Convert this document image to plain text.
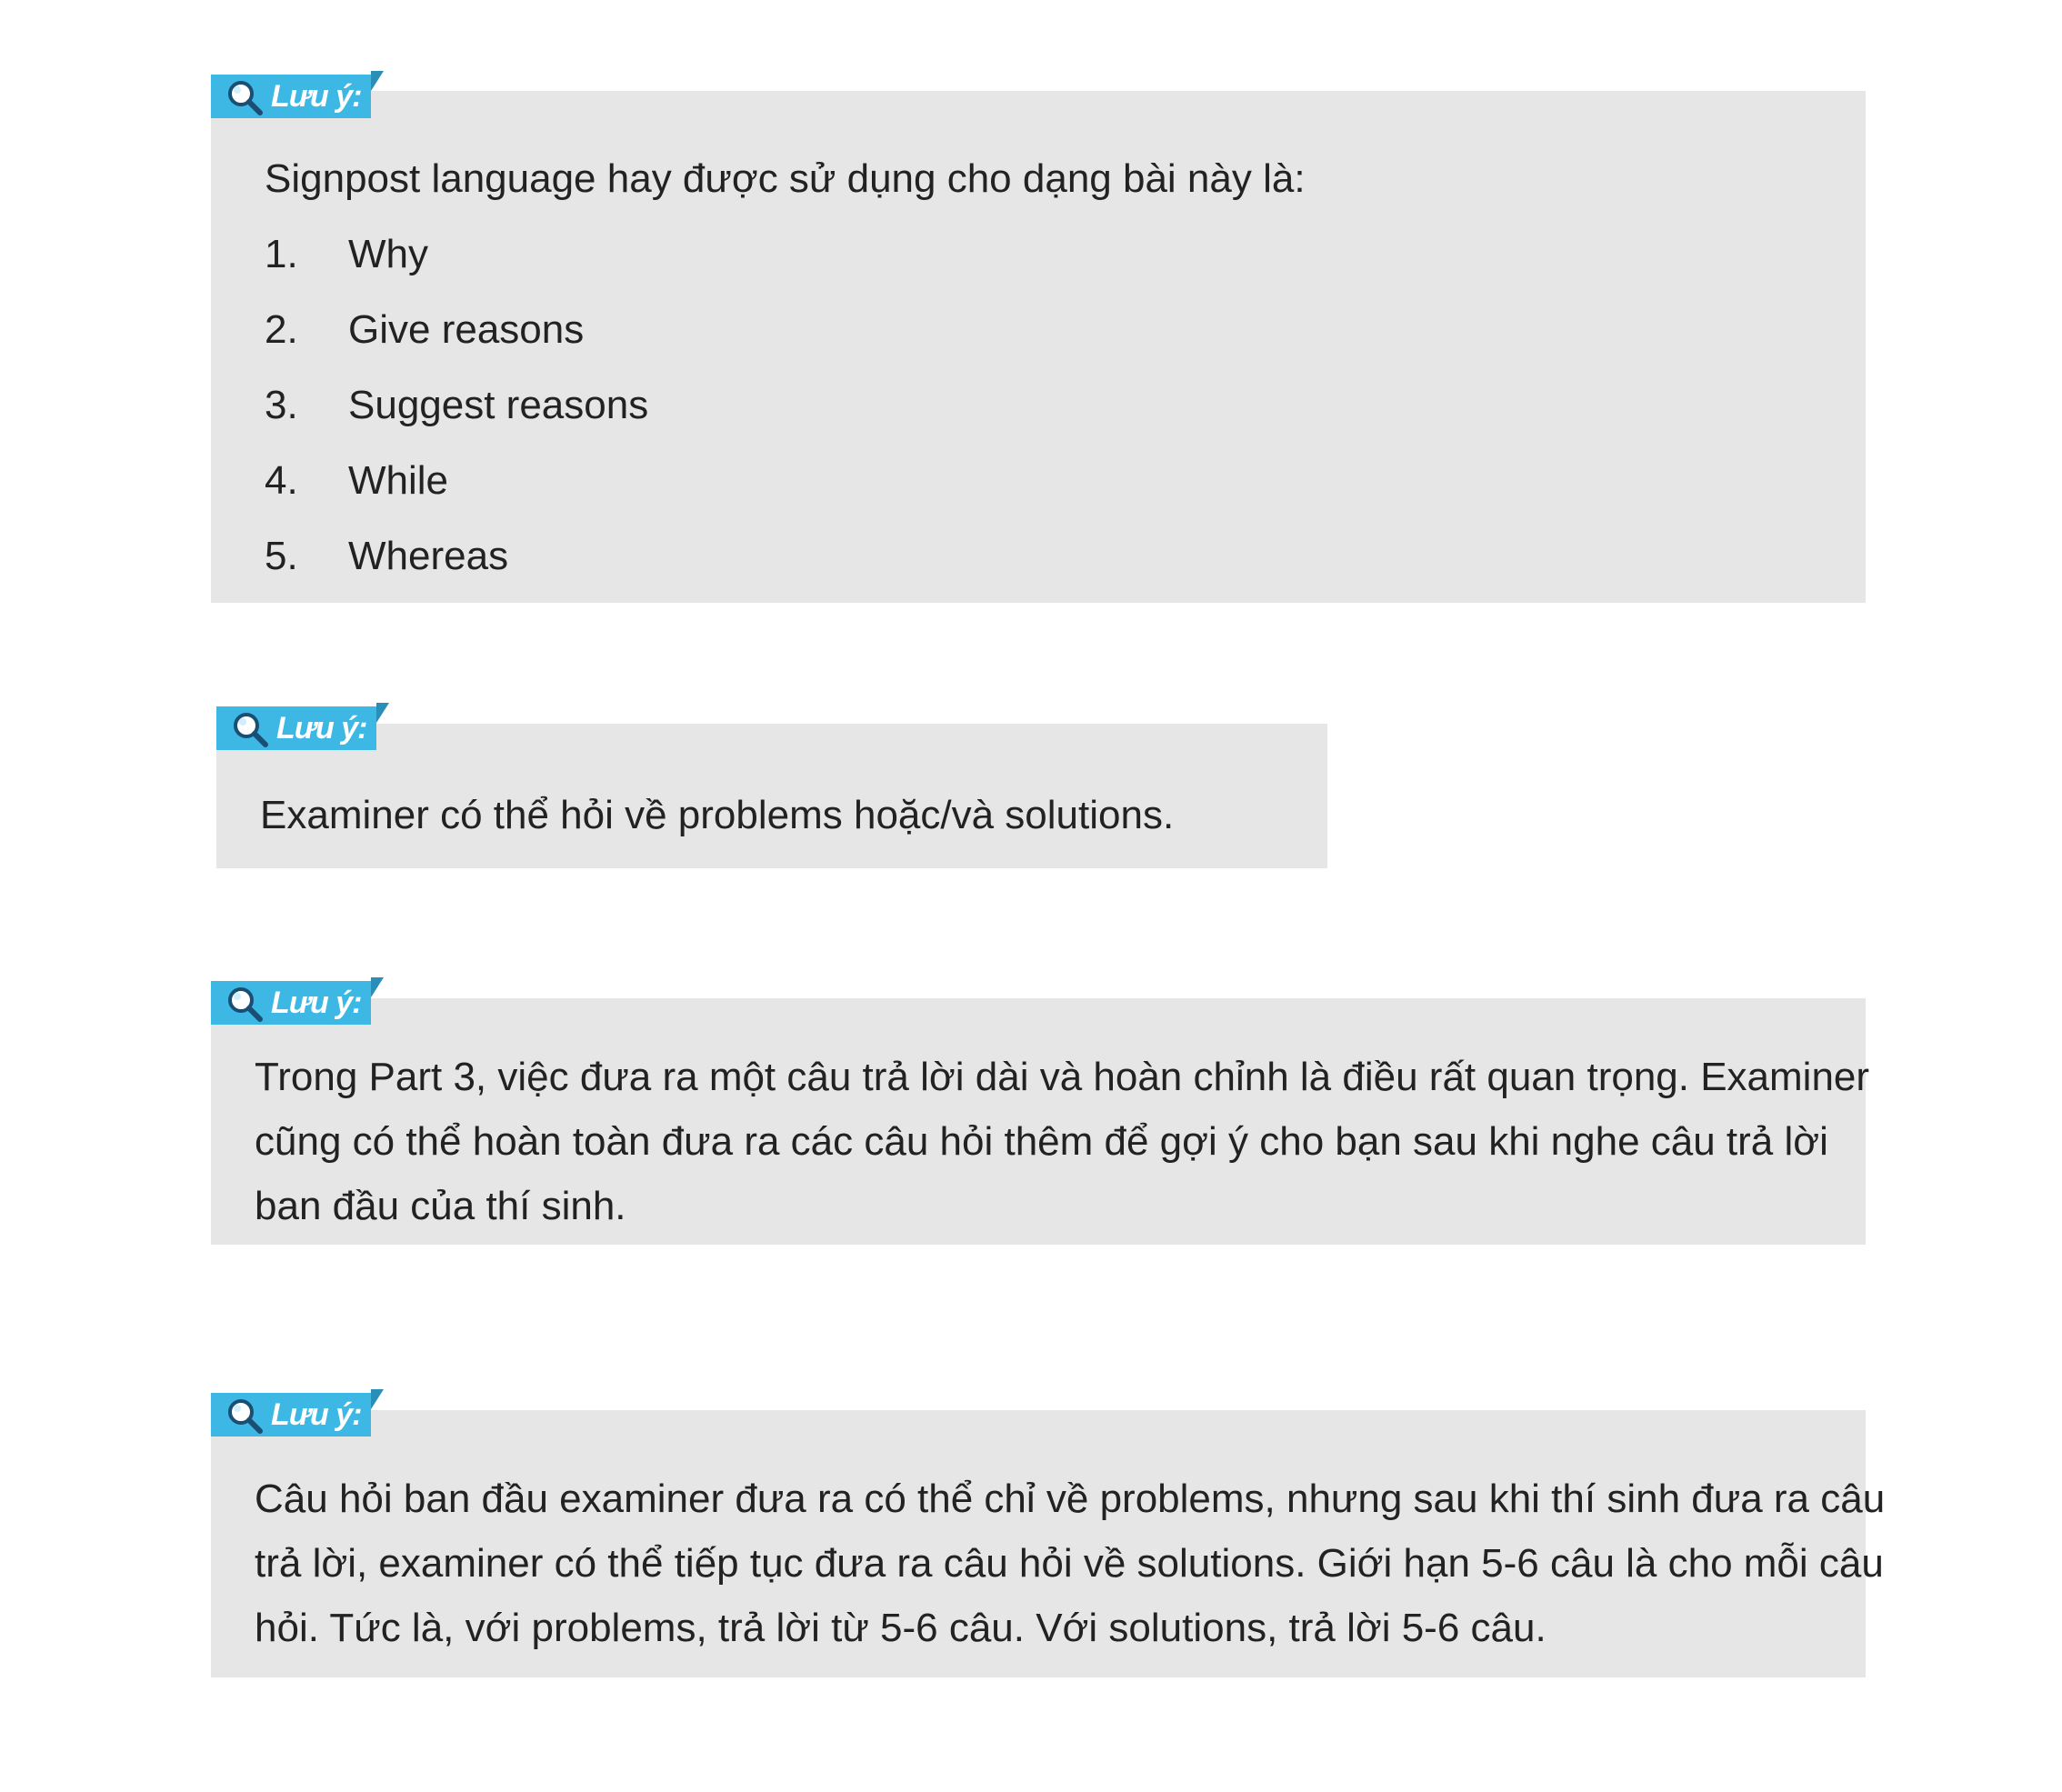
Lưu ý:
Signpost language hay được sử dụng cho dạng bài này là:
1. Why
2. Give reasons
3. Suggest reasons
4. While
5. Whereas
Lưu ý:
Examiner có thể hỏi về problems hoặc/và solutions.
Lưu ý:
Trong Part 3, việc đưa ra một câu trả lời dài và hoàn chỉnh là điều rất quan trọng. Examiner
cũng có thể hoàn toàn đưa ra các câu hỏi thêm để gợi ý cho bạn sau khi nghe câu trả lời
ban đầu của thí sinh.
Lưu ý:
Câu hỏi ban đầu examiner đưa ra có thể chỉ về problems, nhưng sau khi thí sinh đưa ra câu
trả lời, examiner có thể tiếp tục đưa ra câu hỏi về solutions. Giới hạn 5-6 câu là cho mỗi câu
hỏi. Tức là, với problems, trả lời từ 5-6 câu. Với solutions, trả lời 5-6 câu.
